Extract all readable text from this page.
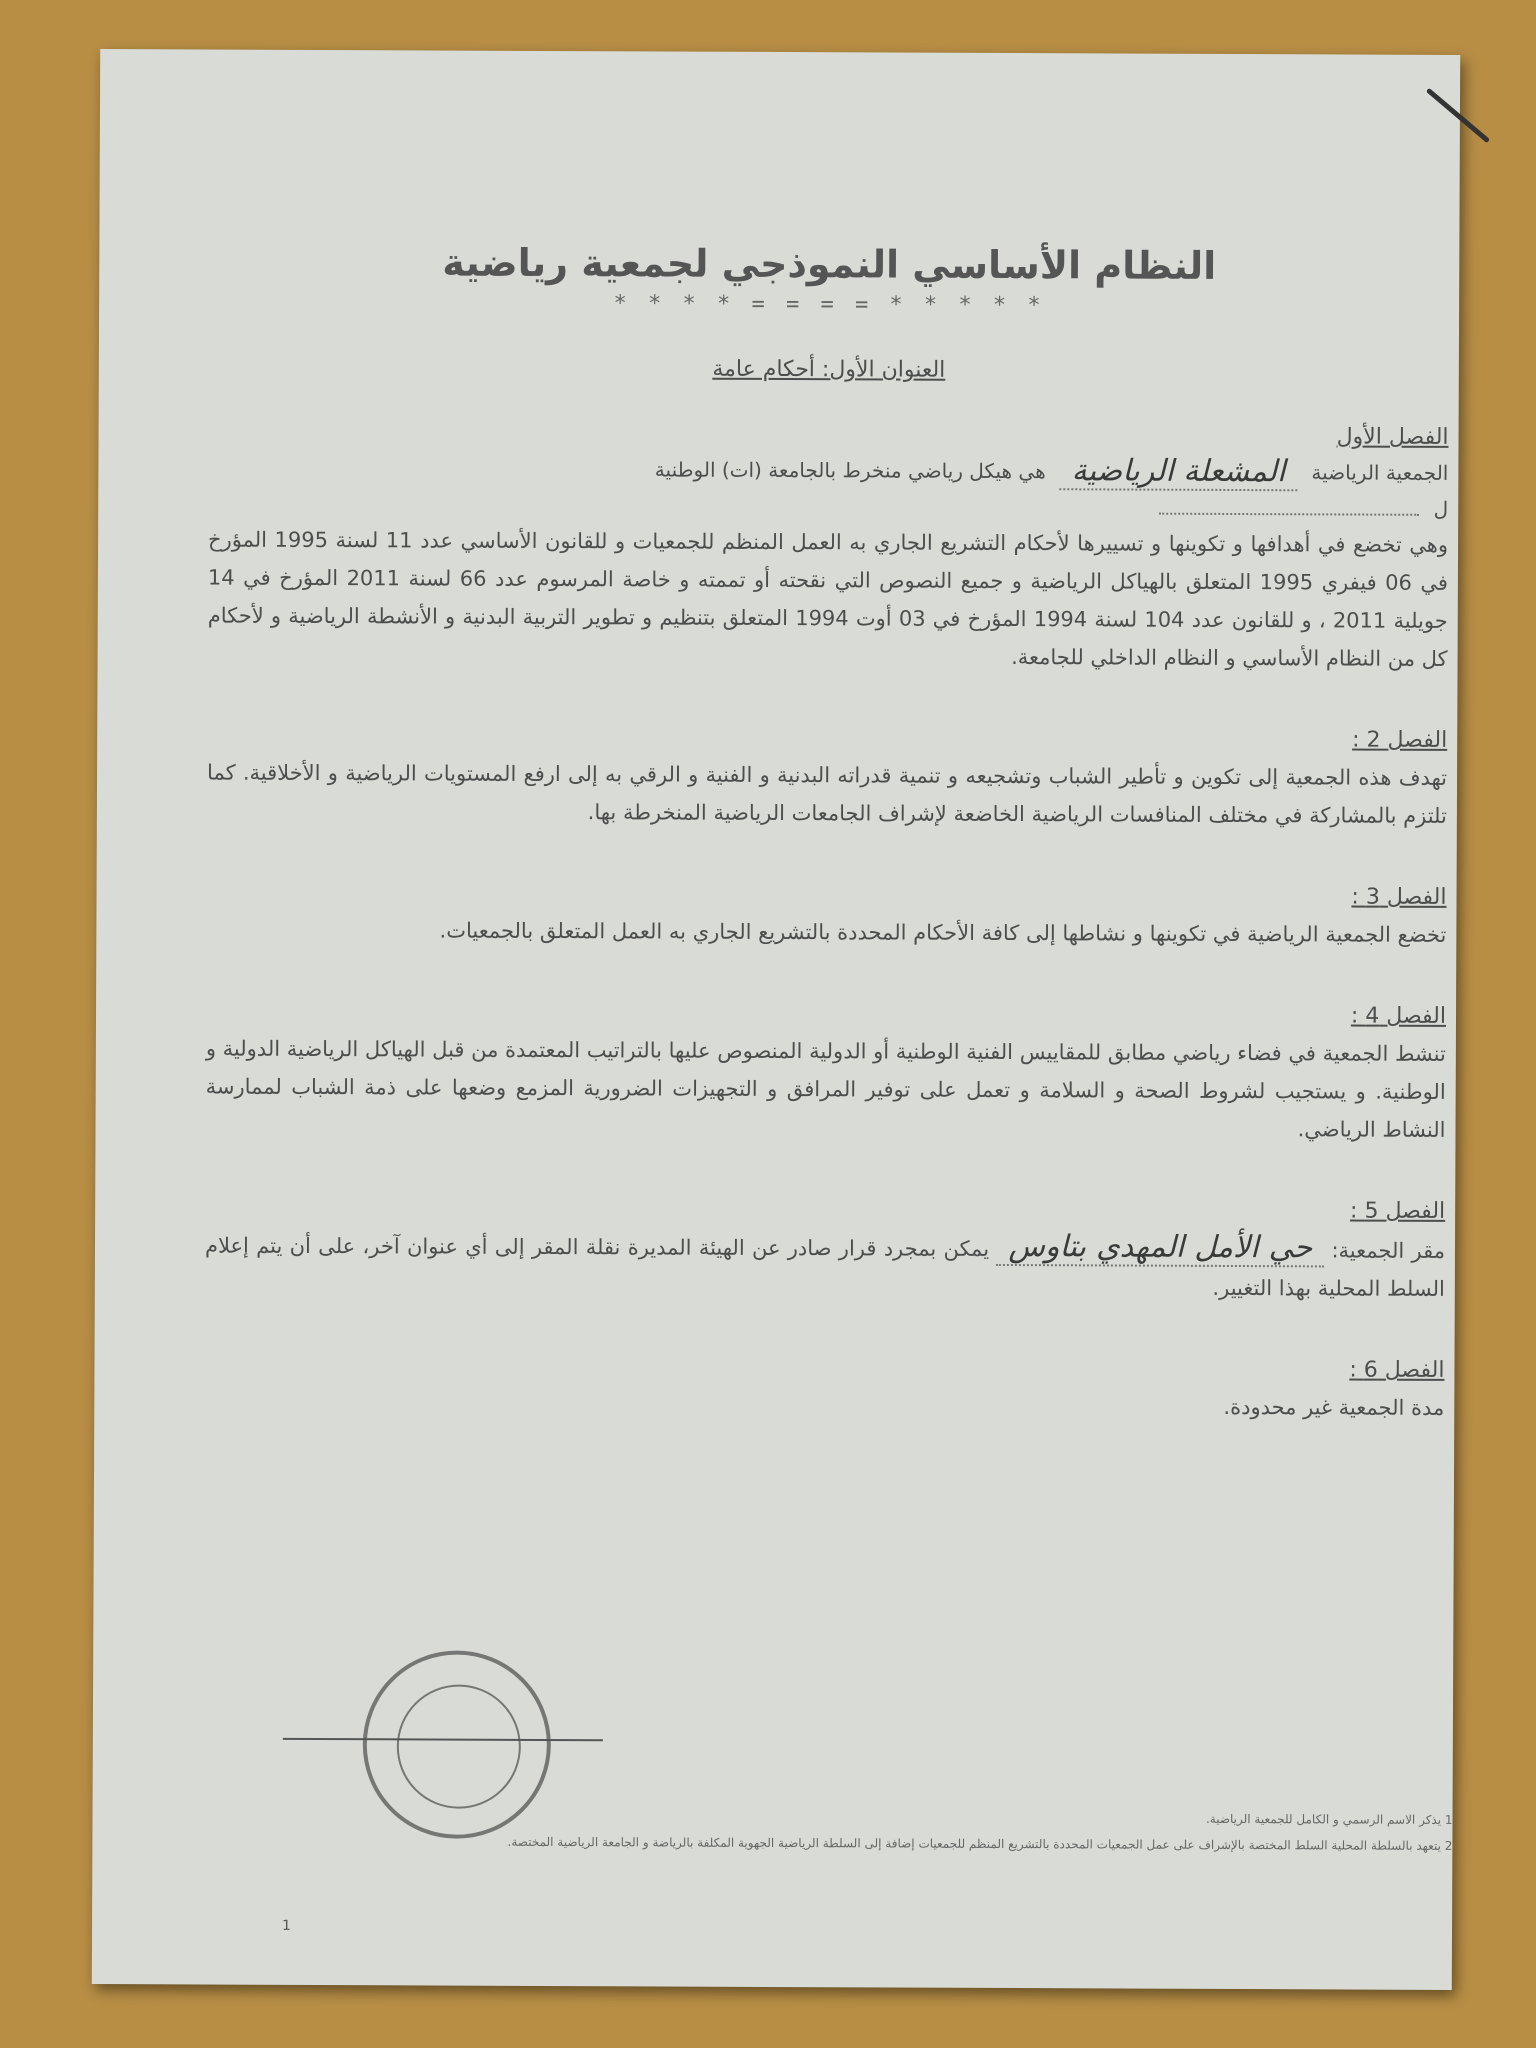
النظام الأساسي النموذجي لجمعية رياضية
* * * * * = = = = * * * *
العنوان الأول: أحكام عامة
الفصل الأول
الجمعية الرياضية
المشعلة الرياضية
هي هيكل رياضي منخرط بالجامعة (ات) الوطنية
ل
وهي تخضع في أهدافها و تكوينها و تسييرها لأحكام التشريع الجاري به العمل المنظم للجمعيات و للقانون الأساسي عدد 11 لسنة 1995 المؤرخ في 06 فيفري 1995 المتعلق بالهياكل الرياضية و جميع النصوص التي نقحته أو تممته و خاصة المرسوم عدد 66 لسنة 2011 المؤرخ في 14 جويلية 2011 ، و للقانون عدد 104 لسنة 1994 المؤرخ في 03 أوت 1994 المتعلق بتنظيم و تطوير التربية البدنية و الأنشطة الرياضية و لأحكام كل من النظام الأساسي و النظام الداخلي للجامعة.
الفصل 2 :
تهدف هذه الجمعية إلى تكوين و تأطير الشباب وتشجيعه و تنمية قدراته البدنية و الفنية و الرقي به إلى ارفع المستويات الرياضية و الأخلاقية. كما تلتزم بالمشاركة في مختلف المنافسات الرياضية الخاضعة لإشراف الجامعات الرياضية المنخرطة بها.
الفصل 3 :
تخضع الجمعية الرياضية في تكوينها و نشاطها إلى كافة الأحكام المحددة بالتشريع الجاري به العمل المتعلق بالجمعيات.
الفصل 4 :
تنشط الجمعية في فضاء رياضي مطابق للمقاييس الفنية الوطنية أو الدولية المنصوص عليها بالتراتيب المعتمدة من قبل الهياكل الرياضية الدولية و الوطنية. و يستجيب لشروط الصحة و السلامة و تعمل على توفير المرافق و التجهيزات الضرورية المزمع وضعها على ذمة الشباب لممارسة النشاط الرياضي.
الفصل 5 :
مقر الجمعية: حي الأمل المهدي بتاوس يمكن بمجرد قرار صادر عن الهيئة المديرة نقلة المقر إلى أي عنوان آخر، على أن يتم إعلام السلط المحلية بهذا التغيير.
الفصل 6 :
مدة الجمعية غير محدودة.
1 يذكر الاسم الرسمي و الكامل للجمعية الرياضية.
2 يتعهد بالسلطة المحلية السلط المختصة بالإشراف على عمل الجمعيات المحددة بالتشريع المنظم للجمعيات إضافة إلى السلطة الرياضية الجهوية المكلفة بالرياضة و الجامعة الرياضية المختصة.
1
